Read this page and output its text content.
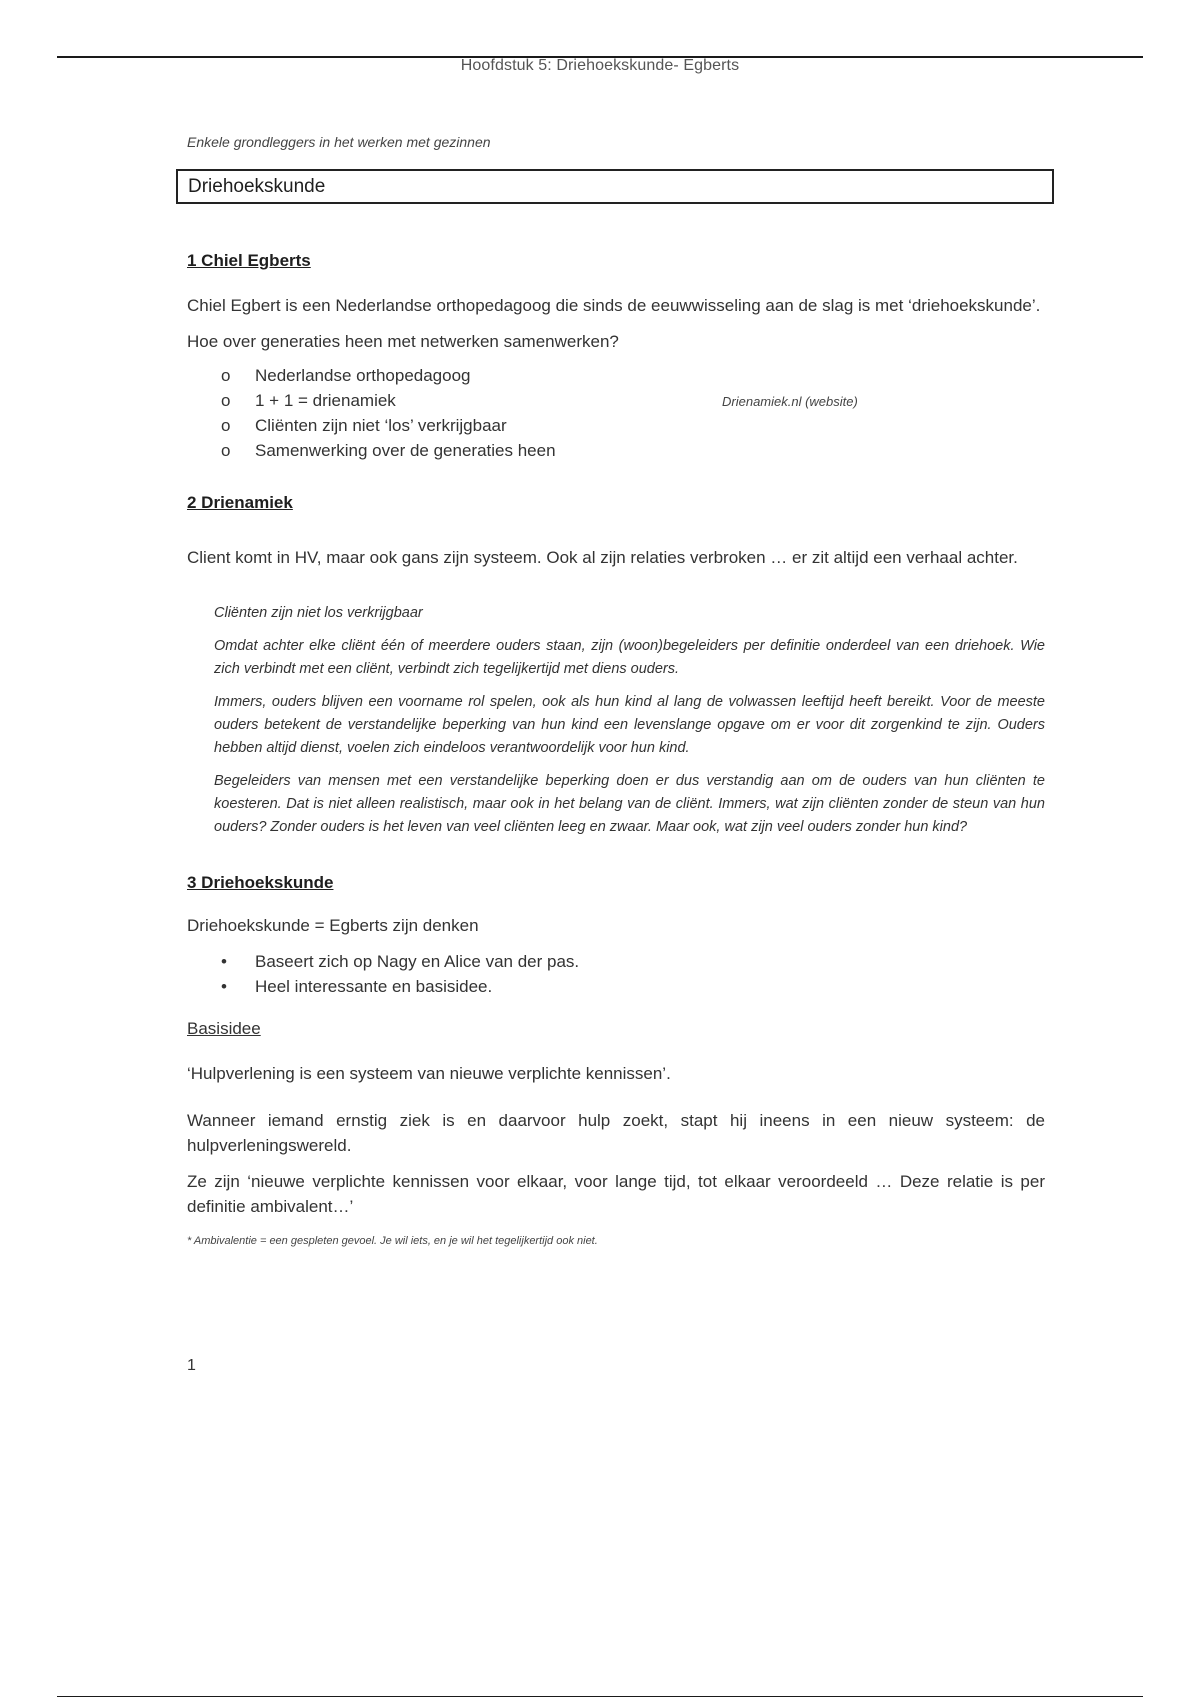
Hoofdstuk 5: Driehoekskunde- Egberts

Enkele grondleggers in het werken met gezinnen

Driehoekskunde
1 Chiel Egberts

Chiel Egbert is een Nederlandse orthopedagoog die sinds de eeuwwisseling aan de slag is met ‘driehoekskunde’.

Hoe over generaties heen met netwerken samenwerken?

o	Nederlandse orthopedagoog
o	1 + 1 = drienamiek	Drienamiek.nl (website)
o	Cliënten zijn niet ‘los’ verkrijgbaar
o	Samenwerking over de generaties heen
2 Drienamiek

Client komt in HV, maar ook gans zijn systeem. Ook al zijn relaties verbroken … er zit altijd een verhaal achter.

Cliënten zijn niet los verkrijgbaar

Omdat achter elke cliënt één of meerdere ouders staan, zijn (woon)begeleiders per definitie onderdeel van een driehoek. Wie zich verbindt met een cliënt, verbindt zich tegelijkertijd met diens ouders.

Immers, ouders blijven een voorname rol spelen, ook als hun kind al lang de volwassen leeftijd heeft bereikt. Voor de meeste ouders betekent de verstandelijke beperking van hun kind een levenslange opgave om er voor dit zorgenkind te zijn. Ouders hebben altijd dienst, voelen zich eindeloos verantwoordelijk voor hun kind.

Begeleiders van mensen met een verstandelijke beperking doen er dus verstandig aan om de ouders van hun cliënten te koesteren. Dat is niet alleen realistisch, maar ook in het belang van de cliënt. Immers, wat zijn cliënten zonder de steun van hun ouders? Zonder ouders is het leven van veel cliënten leeg en zwaar. Maar ook, wat zijn veel ouders zonder hun kind?

3 Driehoekskunde

Driehoekskunde = Egberts zijn denken

•	Baseert zich op Nagy en Alice van der pas.
•	Heel interessante en basisidee.

Basisidee

‘Hulpverlening is een systeem van nieuwe verplichte kennissen’.

Wanneer iemand ernstig ziek is en daarvoor hulp zoekt, stapt hij ineens in een nieuw systeem: de hulpverleningswereld.

Ze zijn ‘nieuwe verplichte kennissen voor elkaar, voor lange tijd, tot elkaar veroordeeld … Deze relatie is per definitie ambivalent…’

* Ambivalentie = een gespleten gevoel. Je wil iets, en je wil het tegelijkertijd ook niet.

1
